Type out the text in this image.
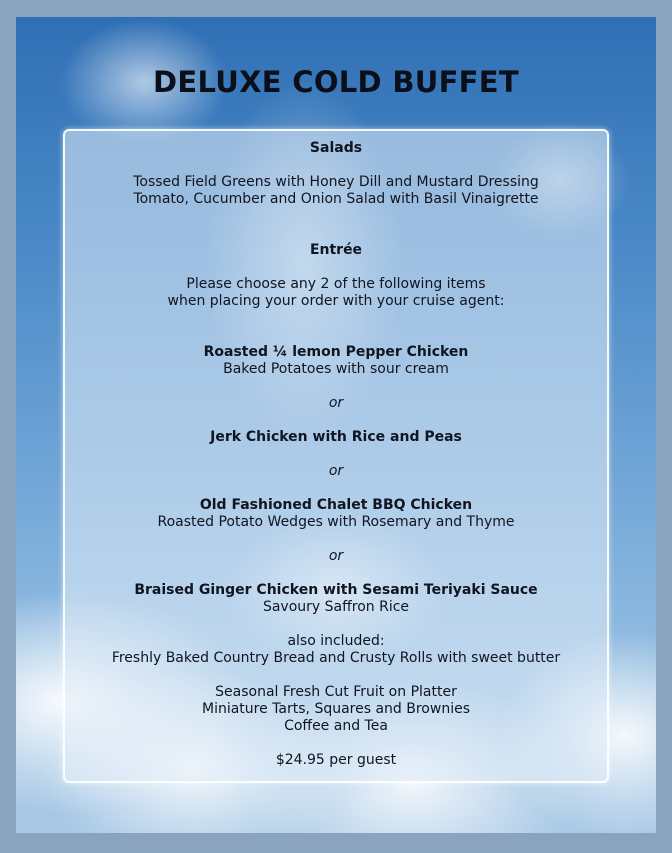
DELUXE COLD BUFFET
Salads
Tossed Field Greens with Honey Dill and Mustard Dressing
Tomato, Cucumber and Onion Salad with Basil Vinaigrette
Entrée
Please choose any 2 of the following items
when placing your order with your cruise agent:
Roasted ¼ lemon Pepper Chicken
Baked Potatoes with sour cream
or
Jerk Chicken with Rice and Peas
or
Old Fashioned Chalet BBQ Chicken
Roasted Potato Wedges with Rosemary and Thyme
or
Braised Ginger Chicken with Sesami Teriyaki Sauce
Savoury Saffron Rice
also included:
Freshly Baked Country Bread and Crusty Rolls with sweet butter
Seasonal Fresh Cut Fruit on Platter
Miniature Tarts, Squares and Brownies
Coffee and Tea
$24.95 per guest
